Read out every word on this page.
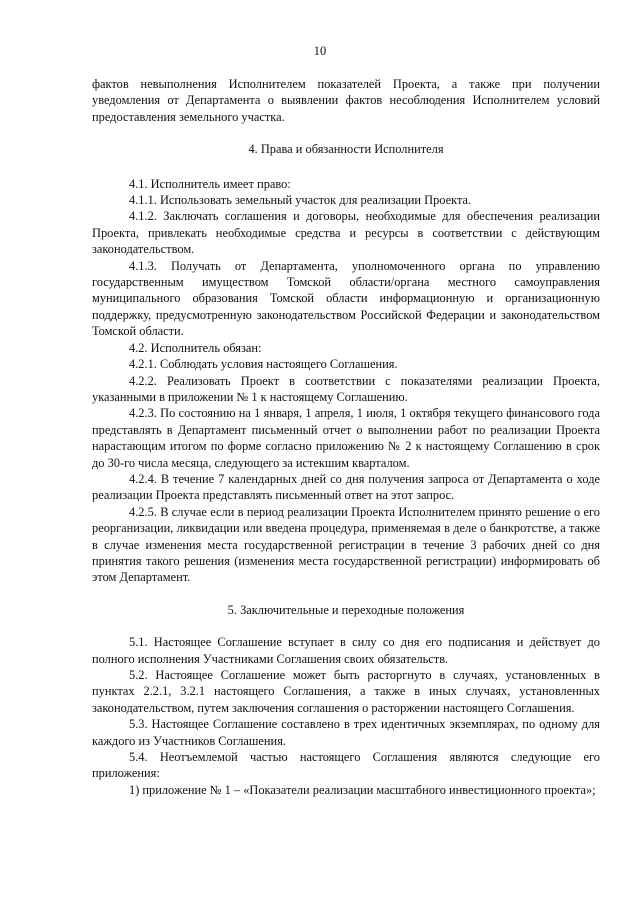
10

фактов невыполнения Исполнителем показателей Проекта, а также при получении уведомления от Департамента о выявлении фактов несоблюдения Исполнителем условий предоставления земельного участка.

4. Права и обязанности Исполнителя

4.1. Исполнитель имеет право:

4.1.1. Использовать земельный участок для реализации Проекта.

4.1.2. Заключать соглашения и договоры, необходимые для обеспечения реализации Проекта, привлекать необходимые средства и ресурсы в соответствии с действующим законодательством.

4.1.3. Получать от Департамента, уполномоченного органа по управлению государственным имуществом Томской области/органа местного самоуправления муниципального образования Томской области информационную и организационную поддержку, предусмотренную законодательством Российской Федерации и законодательством Томской области.

4.2. Исполнитель обязан:

4.2.1. Соблюдать условия настоящего Соглашения.

4.2.2. Реализовать Проект в соответствии с показателями реализации Проекта, указанными в приложении № 1 к настоящему Соглашению.

4.2.3. По состоянию на 1 января, 1 апреля, 1 июля, 1 октября текущего финансового года представлять в Департамент письменный отчет о выполнении работ по реализации Проекта нарастающим итогом по форме согласно приложению № 2 к настоящему Соглашению в срок до 30-го числа месяца, следующего за истекшим кварталом.

4.2.4. В течение 7 календарных дней со дня получения запроса от Департамента о ходе реализации Проекта представлять письменный ответ на этот запрос.

4.2.5. В случае если в период реализации Проекта Исполнителем принято решение о его реорганизации, ликвидации или введена процедура, применяемая в деле о банкротстве, а также в случае изменения места государственной регистрации в течение 3 рабочих дней со дня принятия такого решения (изменения места государственной регистрации) информировать об этом Департамент.

5. Заключительные и переходные положения

5.1. Настоящее Соглашение вступает в силу со дня его подписания и действует до полного исполнения Участниками Соглашения своих обязательств.

5.2. Настоящее Соглашение может быть расторгнуто в случаях, установленных в пунктах 2.2.1, 3.2.1 настоящего Соглашения, а также в иных случаях, установленных законодательством, путем заключения соглашения о расторжении настоящего Соглашения.

5.3. Настоящее Соглашение составлено в трех идентичных экземплярах, по одному для каждого из Участников Соглашения.

5.4. Неотъемлемой частью настоящего Соглашения являются следующие его приложения:

1) приложение № 1 – «Показатели реализации масштабного инвестиционного проекта»;
